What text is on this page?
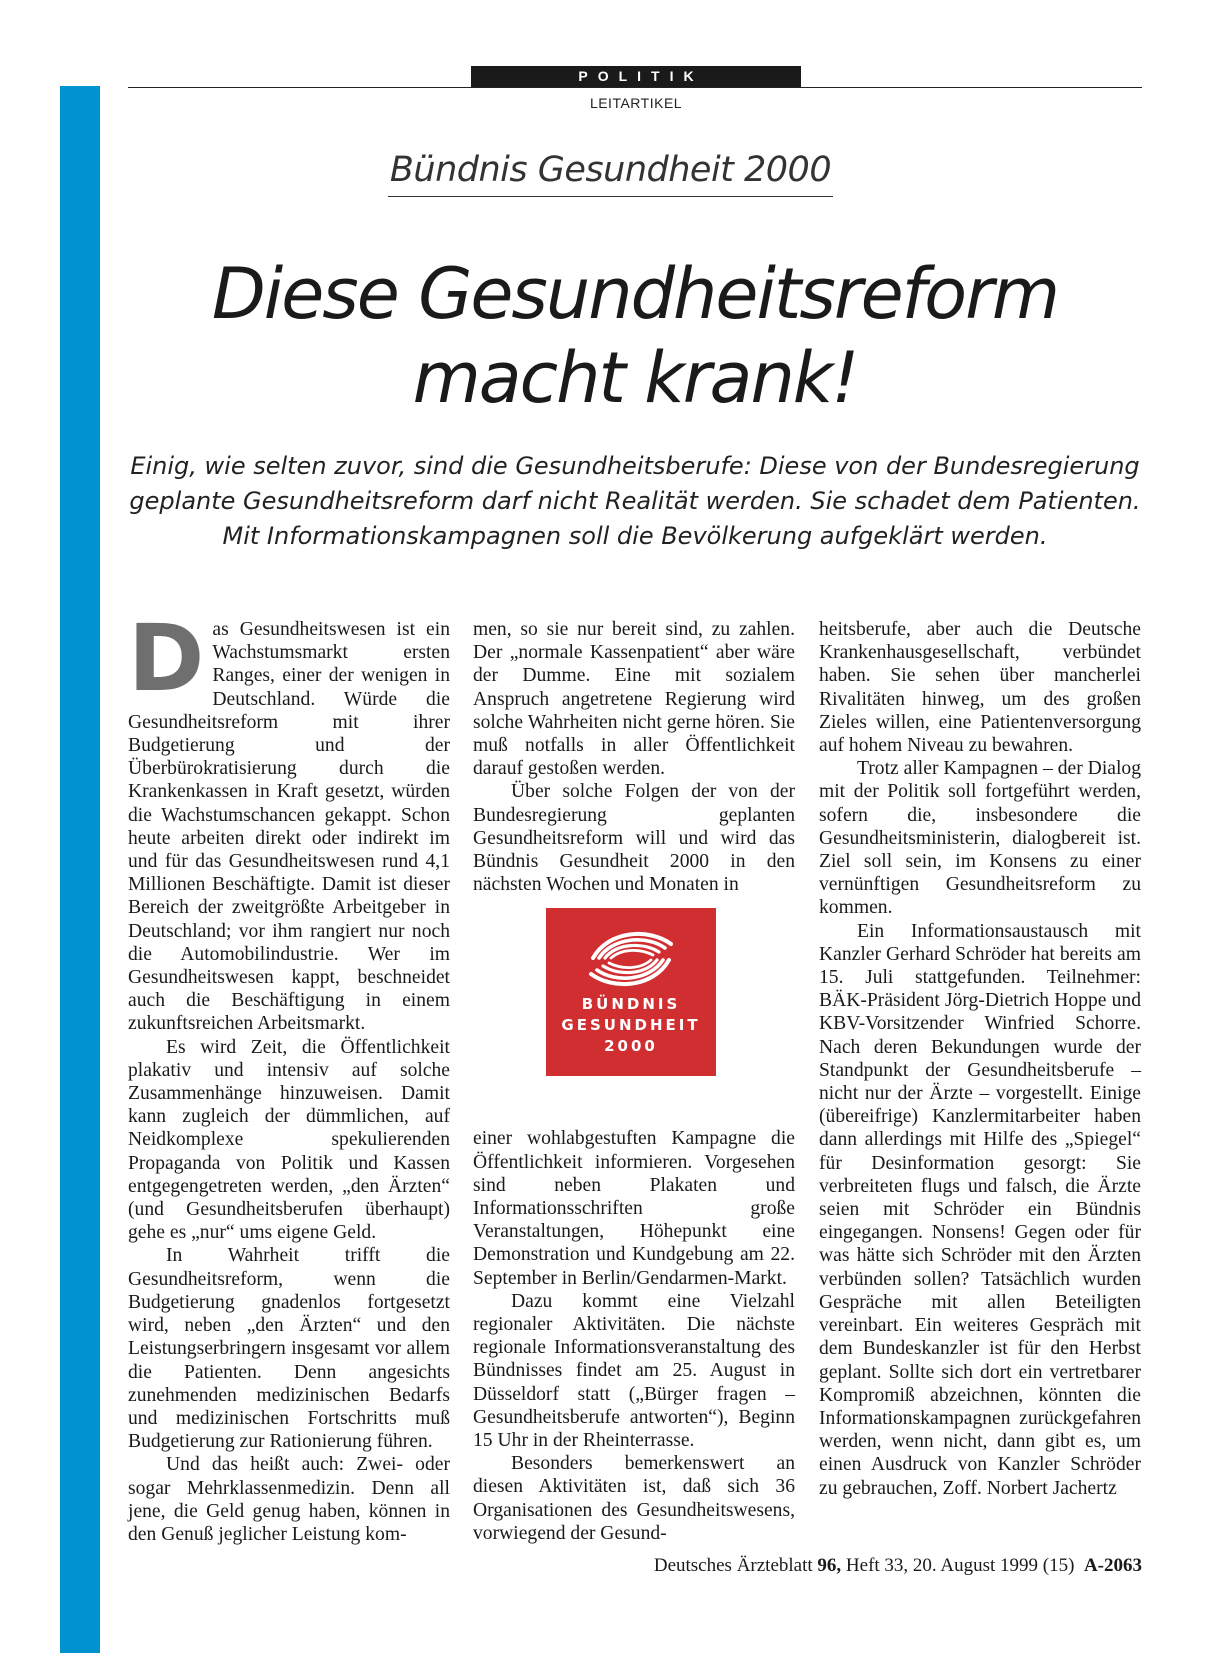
POLITIK
LEITARTIKEL
Bündnis Gesundheit 2000
Diese Gesundheitsreform
macht krank!

Einig, wie selten zuvor, sind die Gesundheitsberufe: Diese von der Bundesregierung
geplante Gesundheitsreform darf nicht Realität werden. Sie schadet dem Patienten.
Mit Informationskampagnen soll die Bevölkerung aufgeklärt werden.

Das Gesundheitswesen ist ein Wachstumsmarkt ersten Ranges, einer der wenigen in Deutschland. Würde die Gesundheitsreform mit ihrer Budgetierung und der Überbürokratisierung durch die Krankenkassen in Kraft gesetzt, würden die Wachstumschancen gekappt. Schon heute arbeiten direkt oder indirekt im und für das Gesundheitswesen rund 4,1 Millionen Beschäftigte. Damit ist dieser Bereich der zweitgrößte Arbeitgeber in Deutschland; vor ihm rangiert nur noch die Automobilindustrie. Wer im Gesundheitswesen kappt, beschneidet auch die Beschäftigung in einem zukunftsreichen Arbeitsmarkt.

Es wird Zeit, die Öffentlichkeit plakativ und intensiv auf solche Zusammenhänge hinzuweisen. Damit kann zugleich der dümmlichen, auf Neidkomplexe spekulierenden Propaganda von Politik und Kassen entgegengetreten werden, „den Ärzten“ (und Gesundheitsberufen überhaupt) gehe es „nur“ ums eigene Geld.

In Wahrheit trifft die Gesundheitsreform, wenn die Budgetierung gnadenlos fortgesetzt wird, neben „den Ärzten“ und den Leistungserbringern insgesamt vor allem die Patienten. Denn angesichts zunehmenden medizinischen Bedarfs und medizinischen Fortschritts muß Budgetierung zur Rationierung führen.

Und das heißt auch: Zwei- oder sogar Mehrklassenmedizin. Denn all jene, die Geld genug haben, können in den Genuß jeglicher Leistung kom-

men, so sie nur bereit sind, zu zahlen. Der „normale Kassenpatient“ aber wäre der Dumme. Eine mit sozialem Anspruch angetretene Regierung wird solche Wahrheiten nicht gerne hören. Sie muß notfalls in aller Öffentlichkeit darauf gestoßen werden.

Über solche Folgen der von der Bundesregierung geplanten Gesundheitsreform will und wird das Bündnis Gesundheit 2000 in den nächsten Wochen und Monaten in

BÜNDNIS
GESUNDHEIT
2000

einer wohlabgestuften Kampagne die Öffentlichkeit informieren. Vorgesehen sind neben Plakaten und Informationsschriften große Veranstaltungen, Höhepunkt eine Demonstration und Kundgebung am 22. September in Berlin/Gendarmen-Markt.

Dazu kommt eine Vielzahl regionaler Aktivitäten. Die nächste regionale Informationsveranstaltung des Bündnisses findet am 25. August in Düsseldorf statt („Bürger fragen – Gesundheitsberufe antworten“), Beginn 15 Uhr in der Rheinterrasse.

Besonders bemerkenswert an diesen Aktivitäten ist, daß sich 36 Organisationen des Gesundheitswesens, vorwiegend der Gesund-

heitsberufe, aber auch die Deutsche Krankenhausgesellschaft, verbündet haben. Sie sehen über mancherlei Rivalitäten hinweg, um des großen Zieles willen, eine Patientenversorgung auf hohem Niveau zu bewahren.

Trotz aller Kampagnen – der Dialog mit der Politik soll fortgeführt werden, sofern die, insbesondere die Gesundheitsministerin, dialogbereit ist. Ziel soll sein, im Konsens zu einer vernünftigen Gesundheitsreform zu kommen.

Ein Informationsaustausch mit Kanzler Gerhard Schröder hat bereits am 15. Juli stattgefunden. Teilnehmer: BÄK-Präsident Jörg-Dietrich Hoppe und KBV-Vorsitzender Winfried Schorre. Nach deren Bekundungen wurde der Standpunkt der Gesundheitsberufe – nicht nur der Ärzte – vorgestellt. Einige (übereifrige) Kanzlermitarbeiter haben dann allerdings mit Hilfe des „Spiegel“ für Desinformation gesorgt: Sie verbreiteten flugs und falsch, die Ärzte seien mit Schröder ein Bündnis eingegangen. Nonsens! Gegen oder für was hätte sich Schröder mit den Ärzten verbünden sollen? Tatsächlich wurden Gespräche mit allen Beteiligten vereinbart. Ein weiteres Gespräch mit dem Bundeskanzler ist für den Herbst geplant. Sollte sich dort ein vertretbarer Kompromiß abzeichnen, könnten die Informationskampagnen zurückgefahren werden, wenn nicht, dann gibt es, um einen Ausdruck von Kanzler Schröder zu gebrauchen, Zoff. Norbert Jachertz

Deutsches Ärzteblatt 96, Heft 33, 20. August 1999 (15) A-2063
